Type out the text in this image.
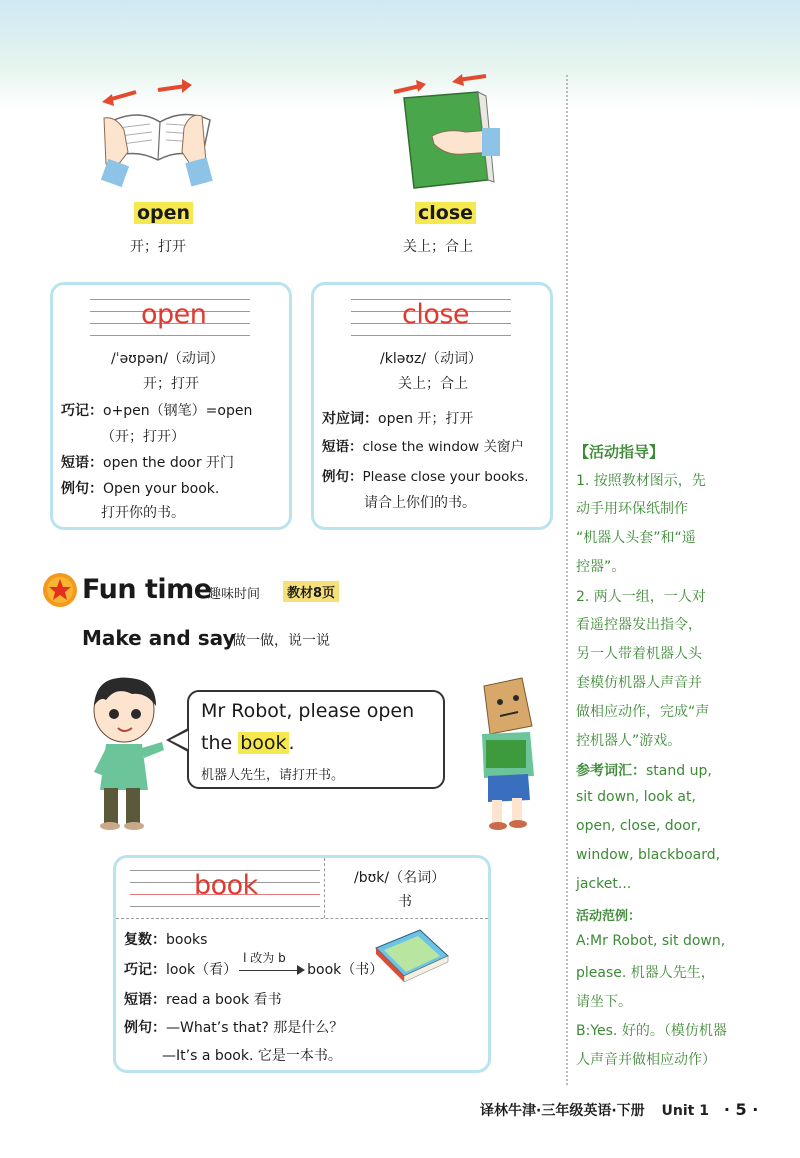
open
开；打开
close
关上；合上
open
/ˈəʊpən/（动词）
开；打开
巧记：o+pen（钢笔）=open
（开；打开）
短语：open the door 开门
例句：Open your book.
打开你的书。
close
/kləʊz/（动词）
关上；合上
对应词：open 开；打开
短语：close the window 关窗户
例句：Please close your books.
请合上你们的书。
Fun time
趣味时间	教材8页
Make and say
做一做，说一说
Mr Robot, please open
the book .
机器人先生，请打开书。
book	/bʊk/（名词）
书
复数：books
巧记：look（看）
l 改为 b
book（书）
短语：read a book 看书
例句：—What’s that? 那是什么？
—It’s a book. 它是一本书。
【活动指导】
1. 按照教材图示，先
动手用环保纸制作
“机器人头套”和“遥
控器”。
2. 两人一组，一人对
看遥控器发出指令，
另一人带着机器人头
套模仿机器人声音并
做相应动作，完成“声
控机器人”游戏。
参考词汇：stand up,
sit down, look at,
open, close, door,
window, blackboard,
jacket...
活动范例：
A:Mr Robot, sit down,
please. 机器人先生，
请坐下。
B:Yes. 好的。（模仿机器
人声音并做相应动作）
译林牛津·三年级英语·下册 Unit 1 · 5 ·
